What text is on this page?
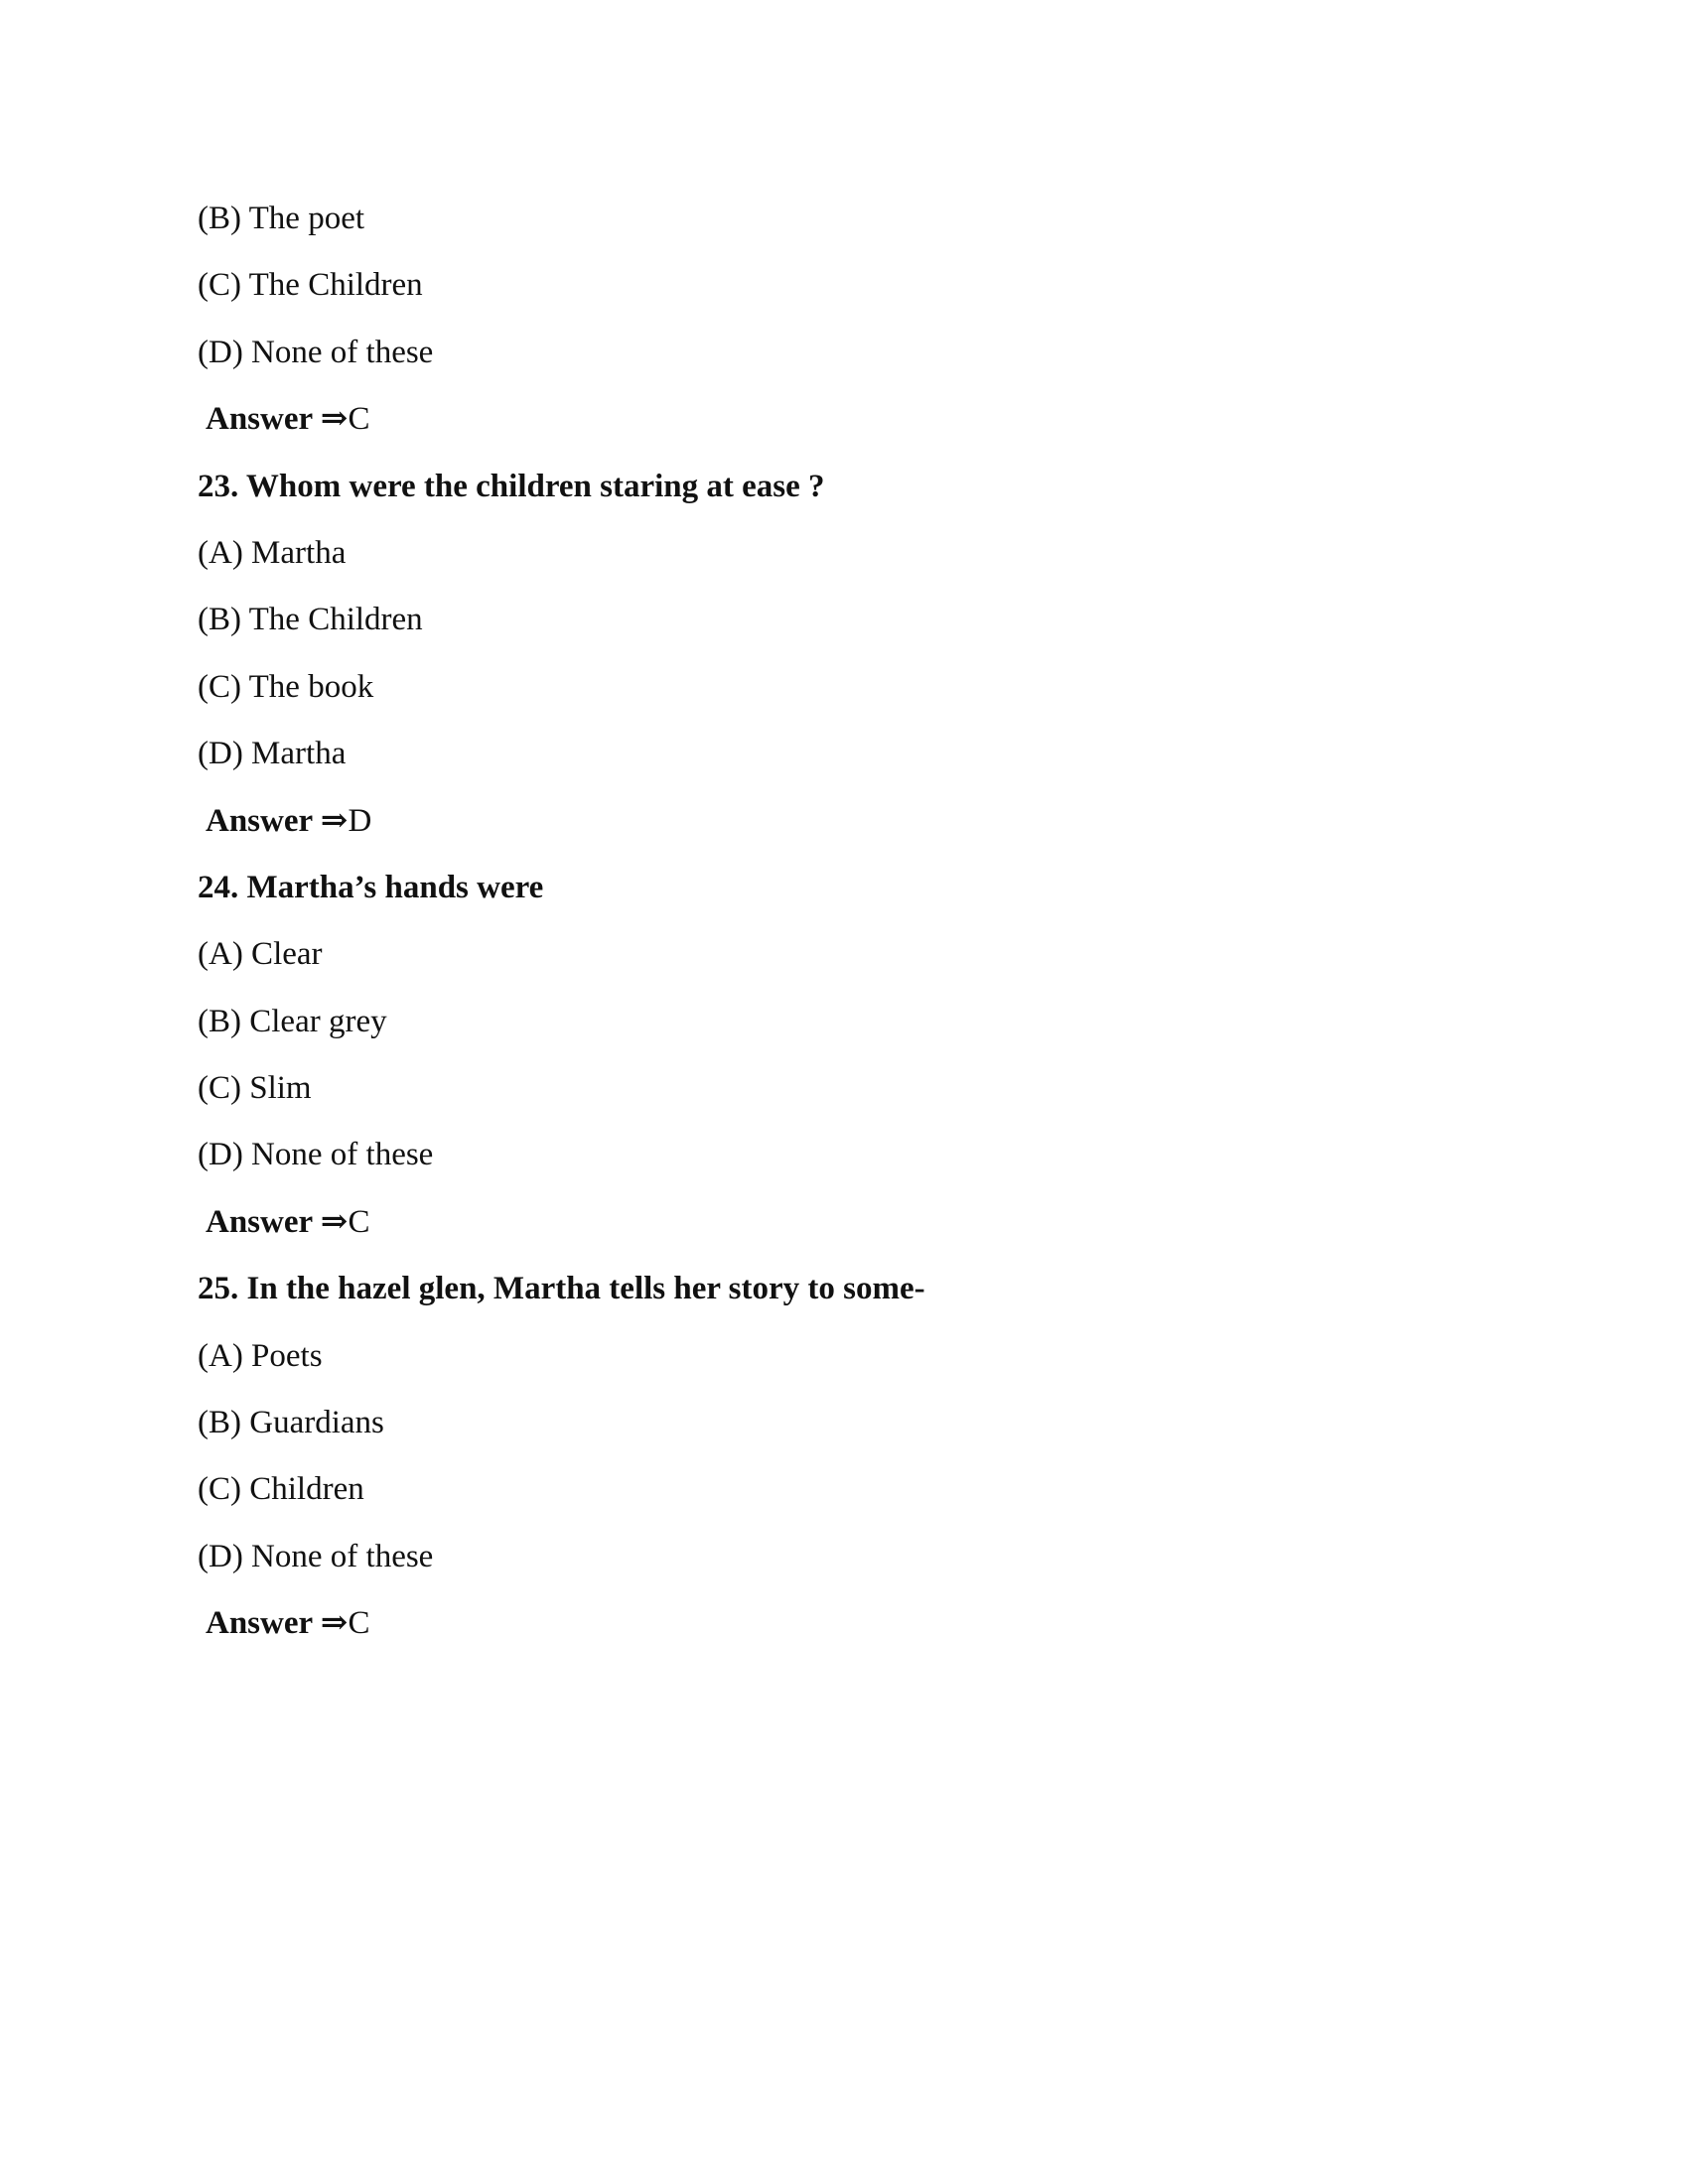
(B) The poet
(C) The Children
(D) None of these
Answer ⇒C
23. Whom were the children staring at ease ?
(A) Martha
(B) The Children
(C) The book
(D) Martha
Answer ⇒D
24. Martha’s hands were
(A) Clear
(B) Clear grey
(C) Slim
(D) None of these
Answer ⇒C
25. In the hazel glen, Martha tells her story to some-
(A) Poets
(B) Guardians
(C) Children
(D) None of these
Answer ⇒C
